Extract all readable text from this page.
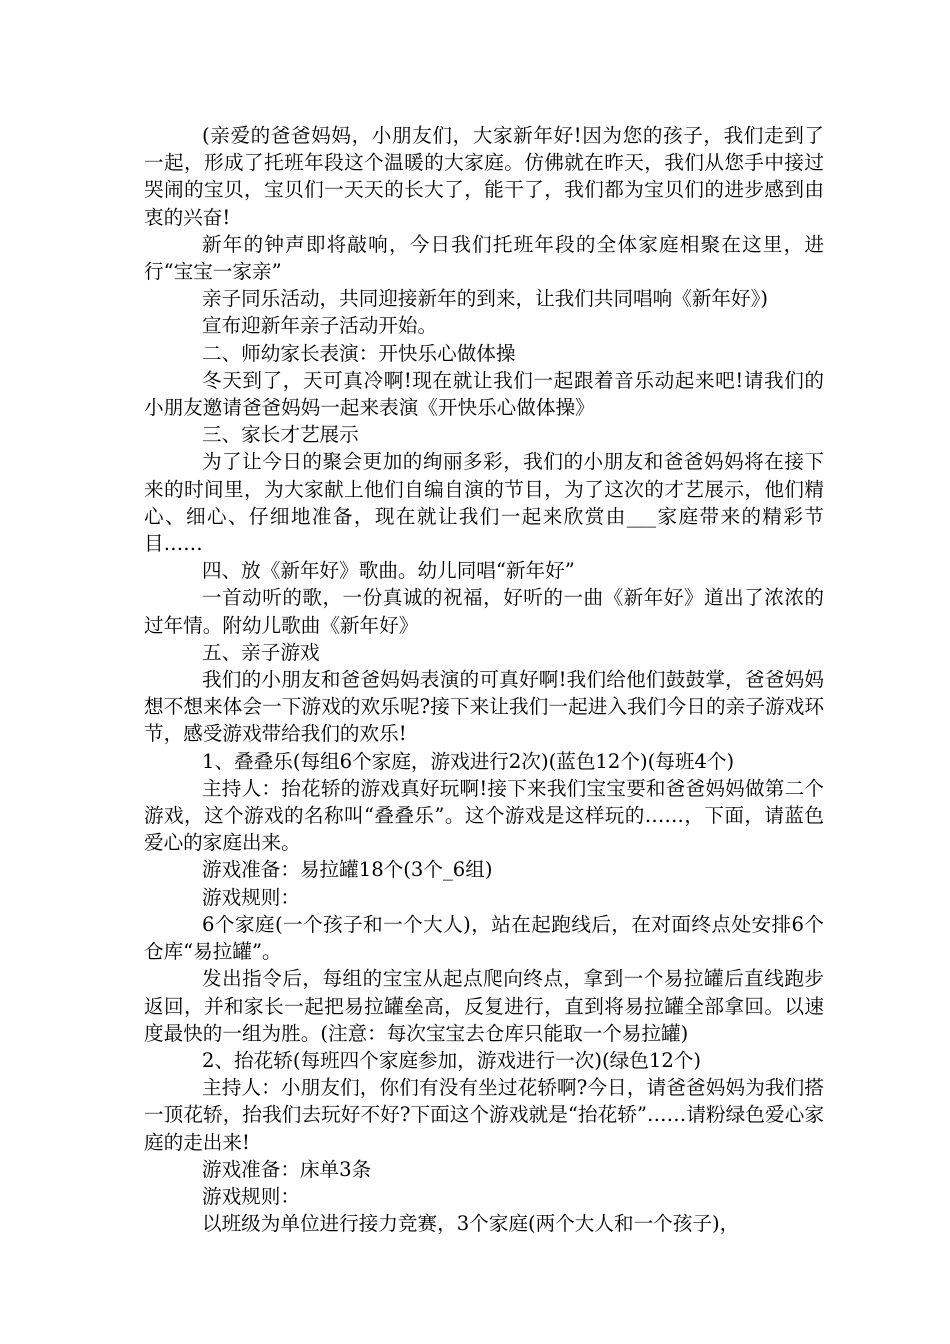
(亲爱的爸爸妈妈，小朋友们，大家新年好!因为您的孩子，我们走到了一起，形成了托班年段这个温暖的大家庭。仿佛就在昨天，我们从您手中接过哭闹的宝贝，宝贝们一天天的长大了，能干了，我们都为宝贝们的进步感到由衷的兴奋!

新年的钟声即将敲响，今日我们托班年段的全体家庭相聚在这里，进行“宝宝一家亲”

亲子同乐活动，共同迎接新年的到来，让我们共同唱响《新年好》)

宣布迎新年亲子活动开始。

二、师幼家长表演：开快乐心做体操

冬天到了，天可真冷啊!现在就让我们一起跟着音乐动起来吧!请我们的小朋友邀请爸爸妈妈一起来表演《开快乐心做体操》

三、家长才艺展示

为了让今日的聚会更加的绚丽多彩，我们的小朋友和爸爸妈妈将在接下来的时间里，为大家献上他们自编自演的节目，为了这次的才艺展示，他们精心、细心、仔细地准备，现在就让我们一起来欣赏由___家庭带来的精彩节目……

四、放《新年好》歌曲。幼儿同唱“新年好”

一首动听的歌，一份真诚的祝福，好听的一曲《新年好》道出了浓浓的过年情。附幼儿歌曲《新年好》

五、亲子游戏

我们的小朋友和爸爸妈妈表演的可真好啊!我们给他们鼓鼓掌，爸爸妈妈想不想来体会一下游戏的欢乐呢?接下来让我们一起进入我们今日的亲子游戏环节，感受游戏带给我们的欢乐!

1、叠叠乐(每组6个家庭，游戏进行2次)(蓝色12个)(每班4个)

主持人：抬花轿的游戏真好玩啊!接下来我们宝宝要和爸爸妈妈做第二个游戏，这个游戏的名称叫“叠叠乐”。这个游戏是这样玩的……，下面，请蓝色爱心的家庭出来。

游戏准备：易拉罐18个(3个_6组)

游戏规则：

6个家庭(一个孩子和一个大人)，站在起跑线后，在对面终点处安排6个仓库“易拉罐”。

发出指令后，每组的宝宝从起点爬向终点，拿到一个易拉罐后直线跑步返回，并和家长一起把易拉罐垒高，反复进行，直到将易拉罐全部拿回。以速度最快的一组为胜。(注意：每次宝宝去仓库只能取一个易拉罐)

2、抬花轿(每班四个家庭参加，游戏进行一次)(绿色12个)

主持人：小朋友们，你们有没有坐过花轿啊?今日，请爸爸妈妈为我们搭一顶花轿，抬我们去玩好不好?下面这个游戏就是“抬花轿”……请粉绿色爱心家庭的走出来!

游戏准备：床单3条

游戏规则：

以班级为单位进行接力竞赛，3个家庭(两个大人和一个孩子)，
